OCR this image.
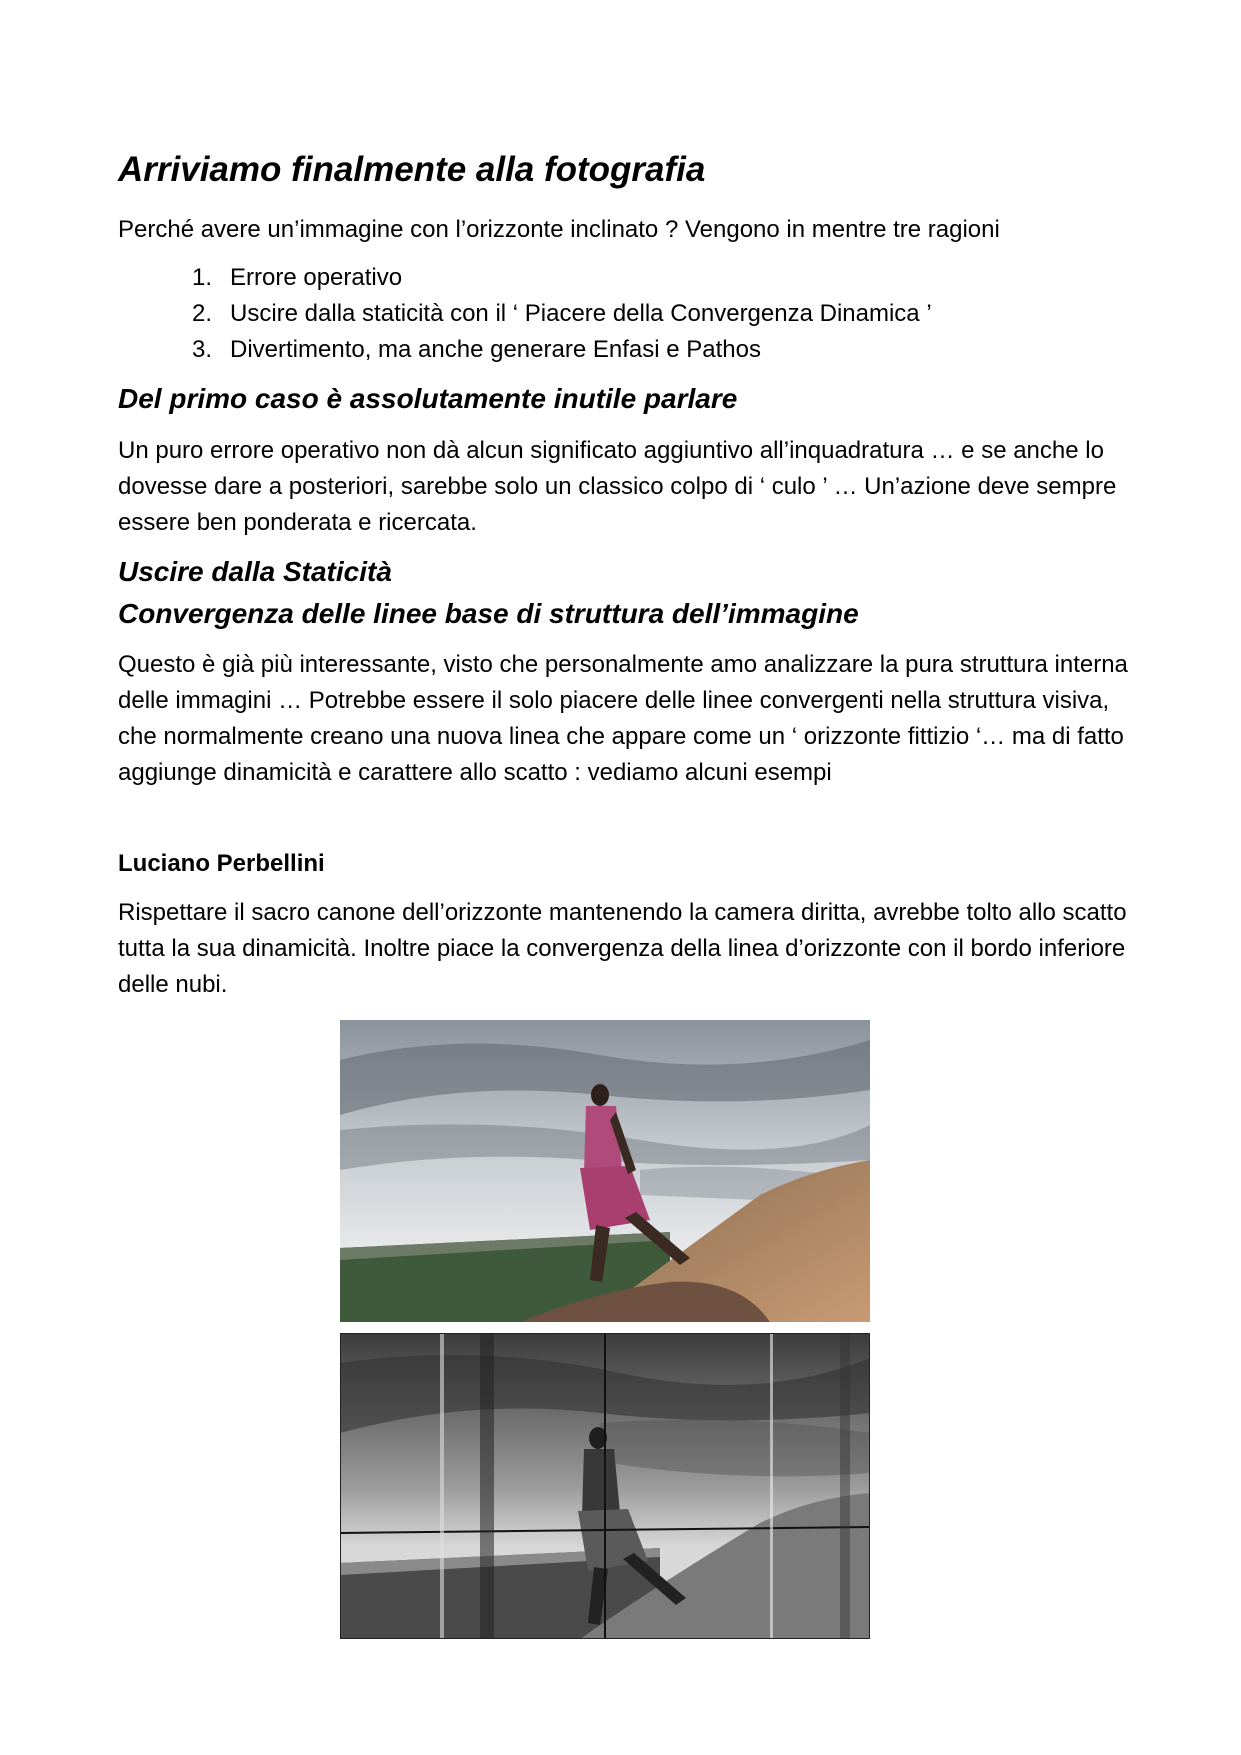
Arriviamo finalmente alla fotografia

Perché avere un’immagine con l’orizzonte inclinato ? Vengono in mentre tre ragioni

1. Errore operativo
2. Uscire dalla staticità con il ‘ Piacere della Convergenza Dinamica ’
3. Divertimento, ma anche generare Enfasi e Pathos
Del primo caso è assolutamente inutile parlare

Un puro errore operativo non dà alcun significato aggiuntivo all’inquadratura … e se anche lo dovesse dare a posteriori, sarebbe solo un classico colpo di ‘ culo ’ … Un’azione deve sempre essere ben ponderata e ricercata.

Uscire dalla Staticità
Convergenza delle linee base di struttura dell’immagine

Questo è già più interessante, visto che personalmente amo analizzare la pura struttura interna delle immagini … Potrebbe essere il solo piacere delle linee convergenti nella struttura visiva, che normalmente creano una nuova linea che appare come un ‘ orizzonte fittizio ‘… ma di fatto aggiunge dinamicità e carattere allo scatto : vediamo alcuni esempi

Luciano Perbellini

Rispettare il sacro canone dell’orizzonte mantenendo la camera diritta, avrebbe tolto allo scatto tutta la sua dinamicità. Inoltre piace la convergenza della linea d’orizzonte con il bordo inferiore delle nubi.
